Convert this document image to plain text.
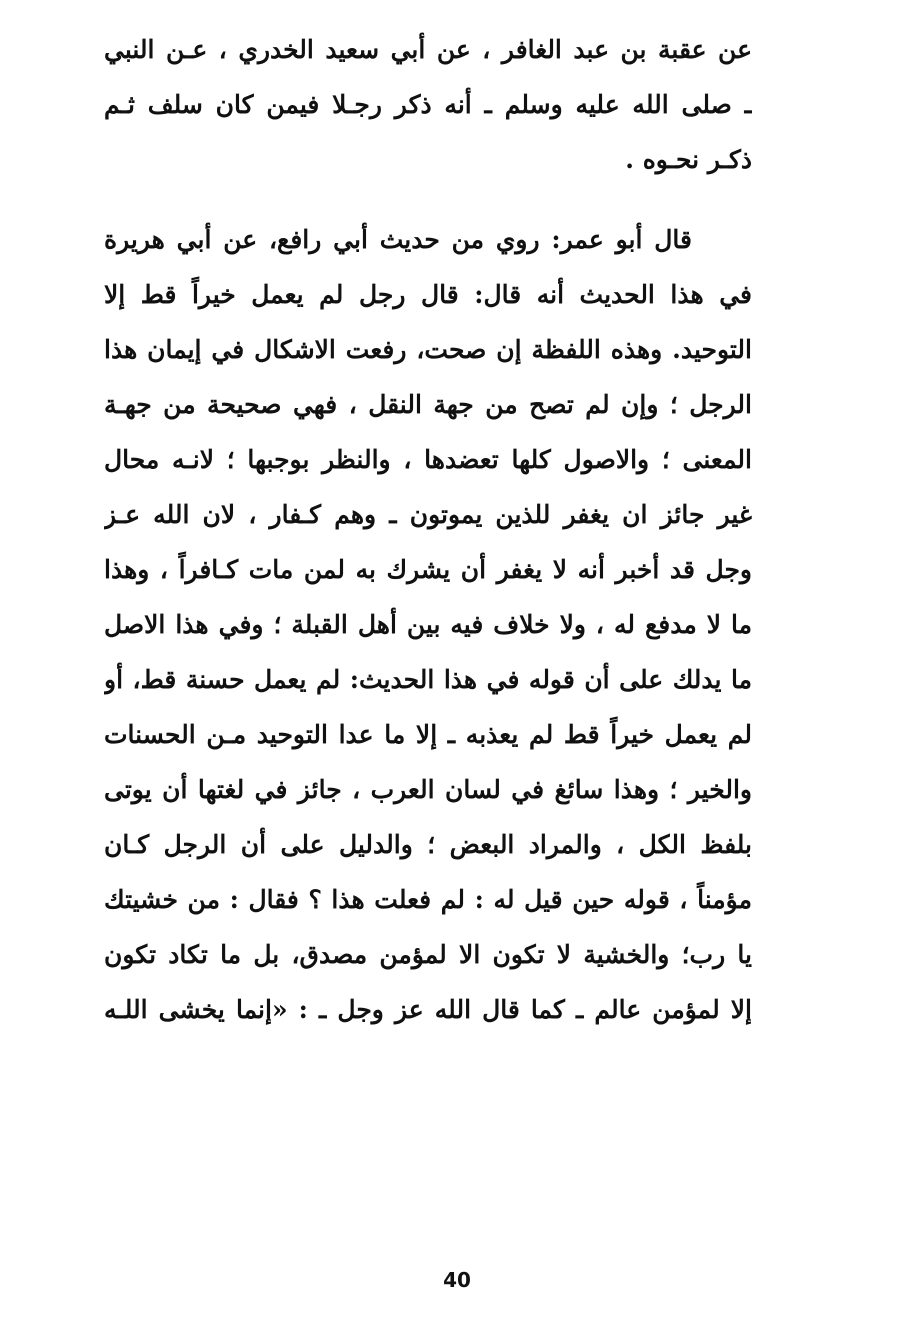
عن عقبة بن عبد الغافر ، عن أبي سعيد الخدري ، عـن النبي
ـ صلى الله عليه وسلم ـ أنه ذكر رجـلا فيمن كان سلف ثـم
ذكـر نحـوه .
قال أبو عمر: روي من حديث أبي رافع، عن أبي هريرة
في هذا الحديث أنه قال: قال رجل لم يعمل خيراً قط إلا
التوحيد. وهذه اللفظة إن صحت، رفعت الاشكال في إيمان هذا
الرجل ؛ وإن لم تصح من جهة النقل ، فهي صحيحة من جهـة
المعنى ؛ والاصول كلها تعضدها ، والنظر بوجبها ؛ لانـه محال
غير جائز ان يغفر للذين يموتون ـ وهم كـفار ، لان الله عـز
وجل قد أخبر أنه لا يغفر أن يشرك به لمن مات كـافراً ، وهذا
ما لا مدفع له ، ولا خلاف فيه بين أهل القبلة ؛ وفي هذا الاصل
ما يدلك على أن قوله في هذا الحديث: لم يعمل حسنة قط، أو
لم يعمل خيراً قط لم يعذبه ـ إلا ما عدا التوحيد مـن الحسنات
والخير ؛ وهذا سائغ في لسان العرب ، جائز في لغتها أن يوتى
بلفظ الكل ، والمراد البعض ؛ والدليل على أن الرجل كـان
مؤمناً ، قوله حين قيل له : لم فعلت هذا ؟ فقال : من خشيتك
يا رب؛ والخشية لا تكون الا لمؤمن مصدق، بل ما تكاد تكون
إلا لمؤمن عالم ـ كما قال الله عز وجل ـ : «إنما يخشى اللـه
40
